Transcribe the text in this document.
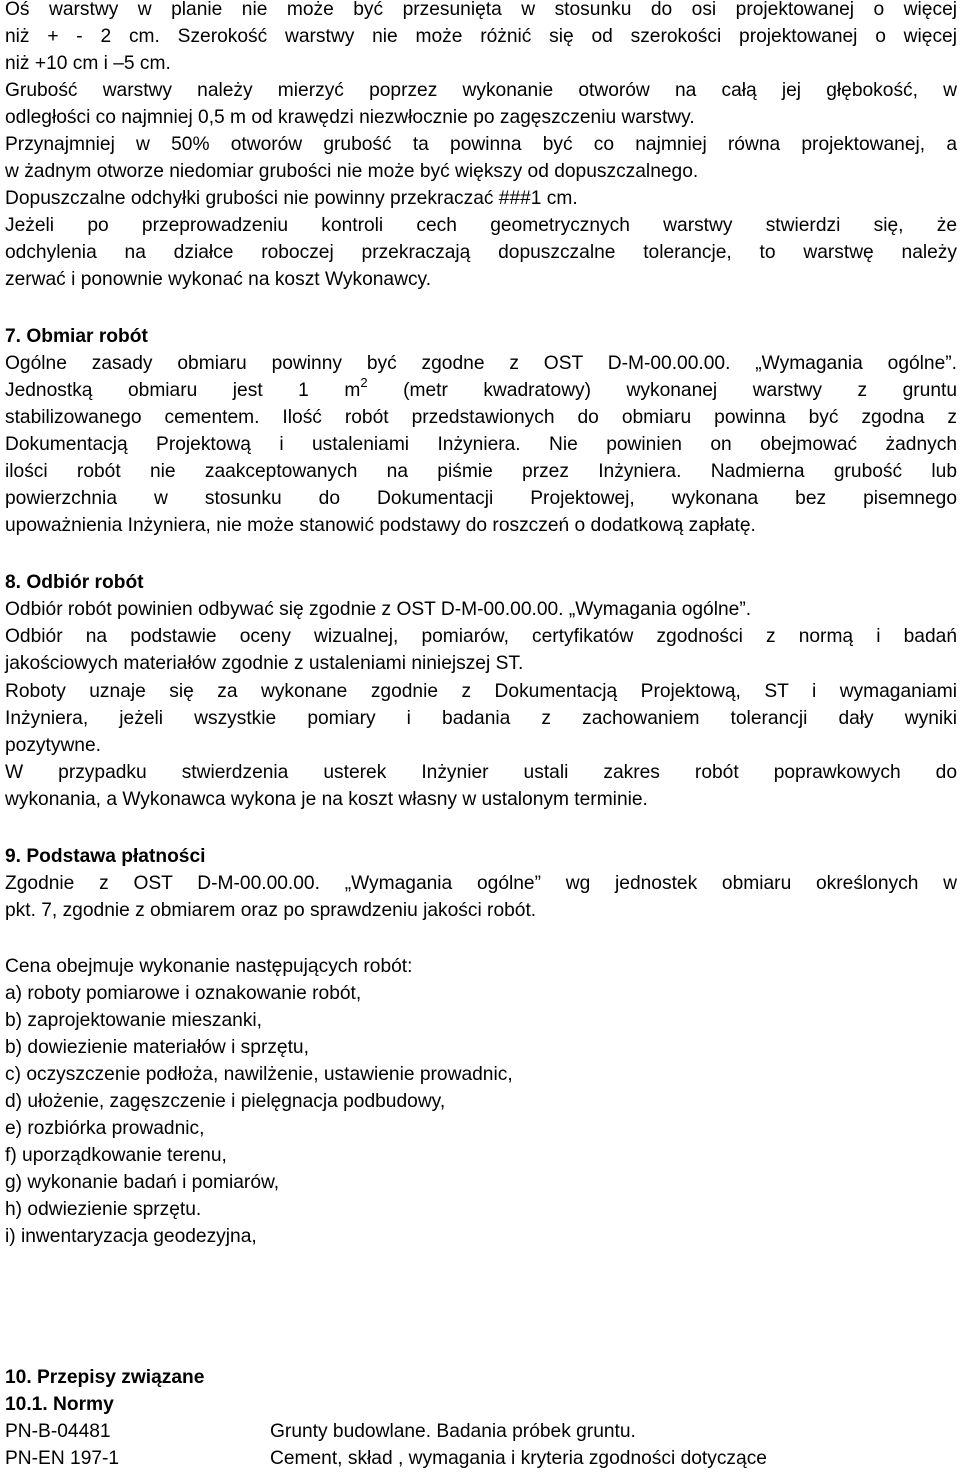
Oś warstwy w planie nie może być przesunięta w stosunku do osi projektowanej o więcej
niż + - 2 cm. Szerokość warstwy nie może różnić się od szerokości projektowanej o więcej
niż +10 cm i –5 cm.
Grubość warstwy należy mierzyć poprzez wykonanie otworów na całą jej głębokość, w
odległości co najmniej 0,5 m od krawędzi niezwłocznie po zagęszczeniu warstwy.
Przynajmniej w 50% otworów grubość ta powinna być co najmniej równa projektowanej, a
w żadnym otworze niedomiar grubości nie może być większy od dopuszczalnego.
Dopuszczalne odchyłki grubości nie powinny przekraczać ###1 cm.
Jeżeli po przeprowadzeniu kontroli cech geometrycznych warstwy stwierdzi się, że
odchylenia na działce roboczej przekraczają dopuszczalne tolerancje, to warstwę należy
zerwać i ponownie wykonać na koszt Wykonawcy.
7. Obmiar robót
Ogólne zasady obmiaru powinny być zgodne z OST D-M-00.00.00. „Wymagania ogólne”.
Jednostką obmiaru jest 1 $m^2$ (metr kwadratowy) wykonanej warstwy z gruntu
stabilizowanego cementem. Ilość robót przedstawionych do obmiaru powinna być zgodna z
Dokumentacją Projektową i ustaleniami Inżyniera. Nie powinien on obejmować żadnych
ilości robót nie zaakceptowanych na piśmie przez Inżyniera. Nadmierna grubość lub
powierzchnia w stosunku do Dokumentacji Projektowej, wykonana bez pisemnego
upoważnienia Inżyniera, nie może stanowić podstawy do roszczeń o dodatkową zapłatę.
8. Odbiór robót
Odbiór robót powinien odbywać się zgodnie z OST D-M-00.00.00. „Wymagania ogólne”.
Odbiór na podstawie oceny wizualnej, pomiarów, certyfikatów zgodności z normą i badań
jakościowych materiałów zgodnie z ustaleniami niniejszej ST.
Roboty uznaje się za wykonane zgodnie z Dokumentacją Projektową, ST i wymaganiami
Inżyniera, jeżeli wszystkie pomiary i badania z zachowaniem tolerancji dały wyniki
pozytywne.
W przypadku stwierdzenia usterek Inżynier ustali zakres robót poprawkowych do
wykonania, a Wykonawca wykona je na koszt własny w ustalonym terminie.
9. Podstawa płatności
Zgodnie z OST D-M-00.00.00. „Wymagania ogólne” wg jednostek obmiaru określonych w
pkt. 7, zgodnie z obmiarem oraz po sprawdzeniu jakości robót.
Cena obejmuje wykonanie następujących robót:
a) roboty pomiarowe i oznakowanie robót,
b) zaprojektowanie mieszanki,
b) dowiezienie materiałów i sprzętu,
c) oczyszczenie podłoża, nawilżenie, ustawienie prowadnic,
d) ułożenie, zagęszczenie i pielęgnacja podbudowy,
e) rozbiórka prowadnic,
f) uporządkowanie terenu,
g) wykonanie badań i pomiarów,
h) odwiezienie sprzętu.
i) inwentaryzacja geodezyjna,
10. Przepisy związane
10.1. Normy
PN-B-04481	Grunty budowlane. Badania próbek gruntu.
PN-EN 197-1	Cement, skład , wymagania i kryteria zgodności dotyczące
